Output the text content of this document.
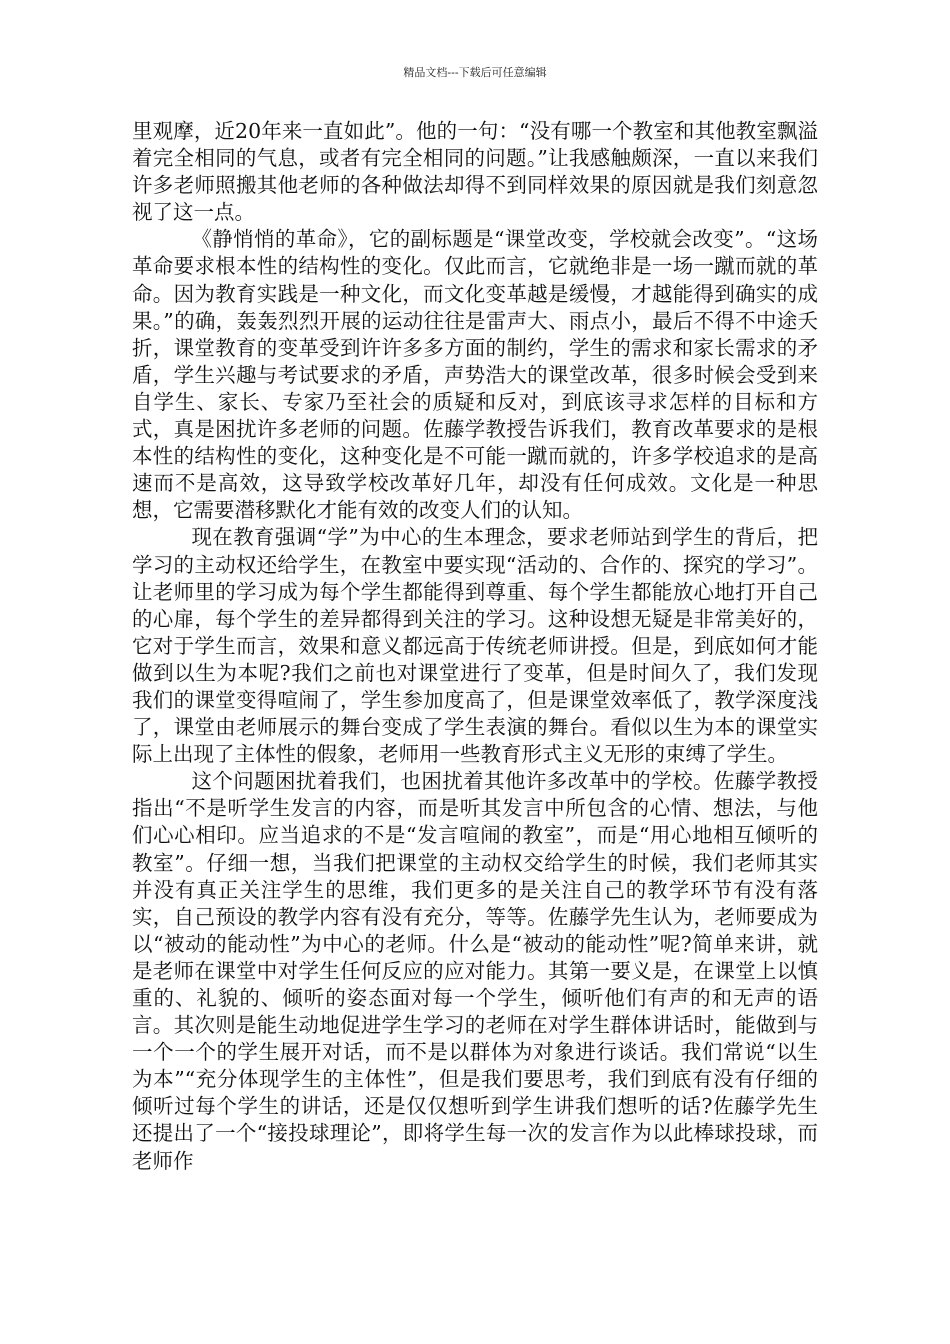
精品文档---下载后可任意编辑

里观摩，近20年来一直如此”。他的一句：“没有哪一个教室和其他教室飘溢着完全相同的气息，或者有完全相同的问题。”让我感触颇深，一直以来我们许多老师照搬其他老师的各种做法却得不到同样效果的原因就是我们刻意忽视了这一点。

《静悄悄的革命》，它的副标题是“课堂改变，学校就会改变”。“这场革命要求根本性的结构性的变化。仅此而言，它就绝非是一场一蹴而就的革命。因为教育实践是一种文化，而文化变革越是缓慢，才越能得到确实的成果。”的确，轰轰烈烈开展的运动往往是雷声大、雨点小，最后不得不中途夭折，课堂教育的变革受到许许多多方面的制约，学生的需求和家长需求的矛盾，学生兴趣与考试要求的矛盾，声势浩大的课堂改革，很多时候会受到来自学生、家长、专家乃至社会的质疑和反对，到底该寻求怎样的目标和方式，真是困扰许多老师的问题。佐藤学教授告诉我们，教育改革要求的是根本性的结构性的变化，这种变化是不可能一蹴而就的，许多学校追求的是高速而不是高效，这导致学校改革好几年，却没有任何成效。文化是一种思想，它需要潜移默化才能有效的改变人们的认知。

现在教育强调“学”为中心的生本理念，要求老师站到学生的背后，把学习的主动权还给学生，在教室中要实现“活动的、合作的、探究的学习”。让老师里的学习成为每个学生都能得到尊重、每个学生都能放心地打开自己的心扉，每个学生的差异都得到关注的学习。这种设想无疑是非常美好的，它对于学生而言，效果和意义都远高于传统老师讲授。但是，到底如何才能做到以生为本呢?我们之前也对课堂进行了变革，但是时间久了，我们发现我们的课堂变得喧闹了，学生参加度高了，但是课堂效率低了，教学深度浅了，课堂由老师展示的舞台变成了学生表演的舞台。看似以生为本的课堂实际上出现了主体性的假象，老师用一些教育形式主义无形的束缚了学生。

这个问题困扰着我们，也困扰着其他许多改革中的学校。佐藤学教授指出“不是听学生发言的内容，而是听其发言中所包含的心情、想法，与他们心心相印。应当追求的不是“发言喧闹的教室”，而是“用心地相互倾听的教室”。仔细一想，当我们把课堂的主动权交给学生的时候，我们老师其实并没有真正关注学生的思维，我们更多的是关注自己的教学环节有没有落实，自己预设的教学内容有没有充分，等等。佐藤学先生认为，老师要成为以“被动的能动性”为中心的老师。什么是“被动的能动性”呢?简单来讲，就是老师在课堂中对学生任何反应的应对能力。其第一要义是，在课堂上以慎重的、礼貌的、倾听的姿态面对每一个学生，倾听他们有声的和无声的语言。其次则是能生动地促进学生学习的老师在对学生群体讲话时，能做到与一个一个的学生展开对话，而不是以群体为对象进行谈话。我们常说“以生为本”“充分体现学生的主体性”，但是我们要思考，我们到底有没有仔细的倾听过每个学生的讲话，还是仅仅想听到学生讲我们想听的话?佐藤学先生还提出了一个“接投球理论”，即将学生每一次的发言作为以此棒球投球，而老师作
